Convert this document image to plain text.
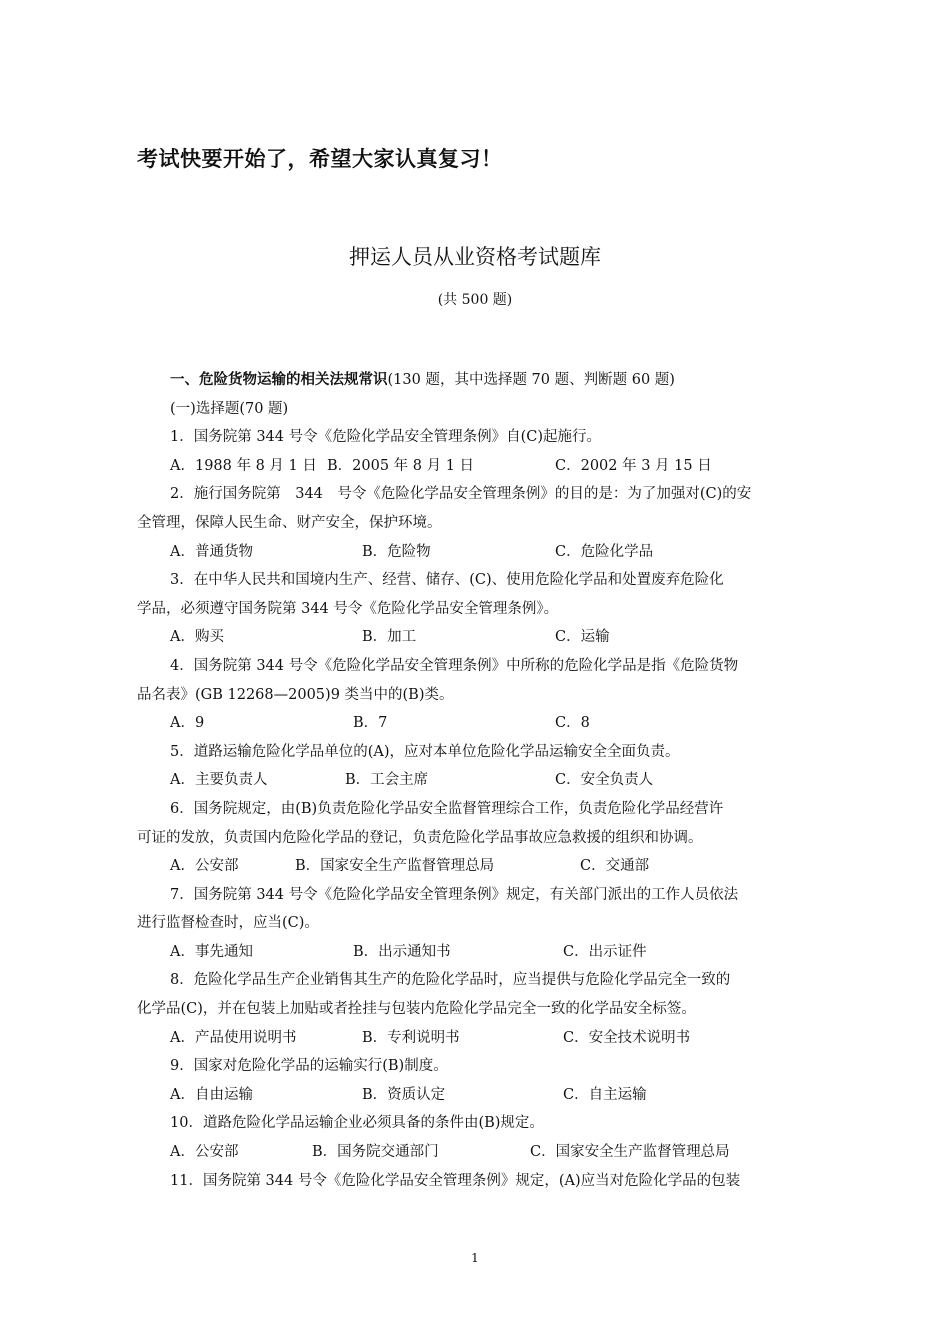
考试快要开始了，希望大家认真复习！
押运人员从业资格考试题库
(共 500 题)
一、危险货物运输的相关法规常识(130 题，其中选择题 70 题、判断题 60 题)
(一)选择题(70 题)
1．国务院第 344 号令《危险化学品安全管理条例》自(C)起施行。
A．1988 年 8 月 1 日 B．2005 年 8 月 1 日	C．2002 年 3 月 15 日
2．施行国务院第　344　号令《危险化学品安全管理条例》的目的是：为了加强对(C)的安
全管理，保障人民生命、财产安全，保护环境。
A．普通货物	B．危险物	C．危险化学品
3．在中华人民共和国境内生产、经营、储存、(C)、使用危险化学品和处置废弃危险化
学品，必须遵守国务院第 344 号令《危险化学品安全管理条例》。
A．购买	B．加工	C．运输
4．国务院第 344 号令《危险化学品安全管理条例》中所称的危险化学品是指《危险货物
品名表》(GB 12268—2005)9 类当中的(B)类。
A．9	B．7	C．8
5．道路运输危险化学品单位的(A)，应对本单位危险化学品运输安全全面负责。
A．主要负责人	B．工会主席	C．安全负责人
6．国务院规定，由(B)负责危险化学品安全监督管理综合工作，负责危险化学品经营许
可证的发放，负责国内危险化学品的登记，负责危险化学品事故应急救援的组织和协调。
A．公安部	B．国家安全生产监督管理总局	C．交通部
7．国务院第 344 号令《危险化学品安全管理条例》规定，有关部门派出的工作人员依法
进行监督检查时，应当(C)。
A．事先通知	B．出示通知书	C．出示证件
8．危险化学品生产企业销售其生产的危险化学品时，应当提供与危险化学品完全一致的
化学品(C)，并在包装上加贴或者拴挂与包装内危险化学品完全一致的化学品安全标签。
A．产品使用说明书	B．专利说明书	C．安全技术说明书
9．国家对危险化学品的运输实行(B)制度。
A．自由运输	B．资质认定	C．自主运输
10．道路危险化学品运输企业必须具备的条件由(B)规定。
A．公安部	B．国务院交通部门	C．国家安全生产监督管理总局
11．国务院第 344 号令《危险化学品安全管理条例》规定，(A)应当对危险化学品的包装
1
